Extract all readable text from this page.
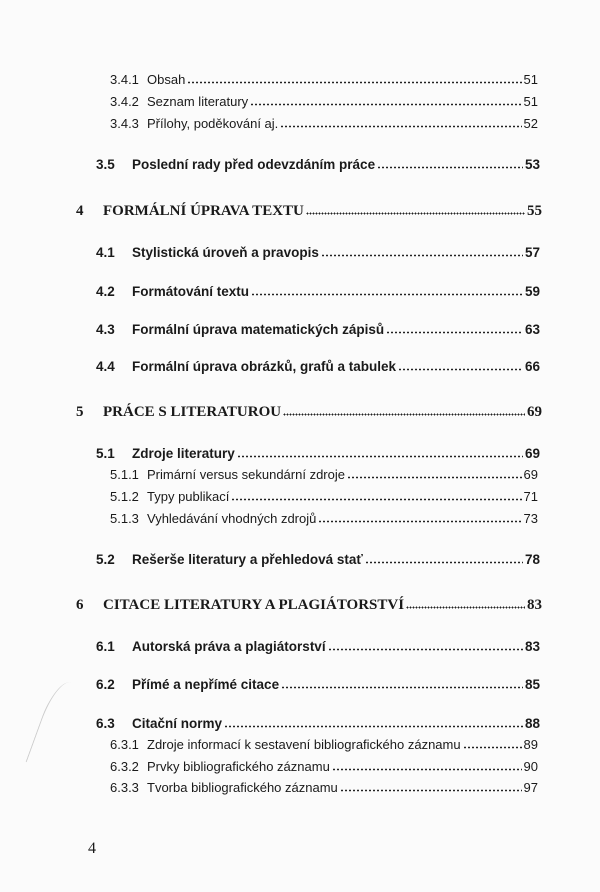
3.4.1 Obsah	51
3.4.2 Seznam literatury	51
3.4.3 Přílohy, poděkování aj.	52
3.5	Poslední rady před odevzdáním práce	53
4	FORMÁLNÍ ÚPRAVA TEXTU	55
4.1	Stylistická úroveň a pravopis	57
4.2	Formátování textu	59
4.3	Formální úprava matematických zápisů	63
4.4	Formální úprava obrázků, grafů a tabulek	66
5	PRÁCE S LITERATUROU	69
5.1	Zdroje literatury	69
5.1.1 Primární versus sekundární zdroje	69
5.1.2 Typy publikací	71
5.1.3 Vyhledávání vhodných zdrojů	73
5.2	Rešerše literatury a přehledová stať	78
6	CITACE LITERATURY A PLAGIÁTORSTVÍ	83
6.1	Autorská práva a plagiátorství	83
6.2	Přímé a nepřímé citace	85
6.3	Citační normy	88
6.3.1 Zdroje informací k sestavení bibliografického záznamu	89
6.3.2 Prvky bibliografického záznamu	90
6.3.3 Tvorba bibliografického záznamu	97
4
